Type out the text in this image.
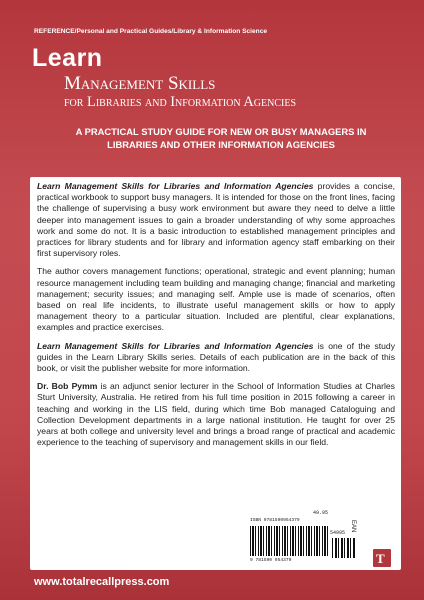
REFERENCE/Personal and Practical Guides/Library & Information Science
Learn
Management Skills
for Libraries and Information Agencies
A PRACTICAL STUDY GUIDE FOR NEW OR BUSY MANAGERS IN LIBRARIES AND OTHER INFORMATION AGENCIES

Learn Management Skills for Libraries and Information Agencies provides a concise, practical workbook to support busy managers. It is intended for those on the front lines, facing the challenge of supervising a busy work environment but aware they need to delve a little deeper into management issues to gain a broader understanding of why some approaches work and some do not. It is a basic introduction to established management principles and practices for library students and for library and information agency staff embarking on their first supervisory roles.

The author covers management functions; operational, strategic and event planning; human resource management including team building and managing change; financial and marketing management; security issues; and managing self. Ample use is made of scenarios, often based on real life incidents, to illustrate useful management skills or how to apply management theory to a particular situation. Included are plentiful, clear explanations, examples and practice exercises.

Learn Management Skills for Libraries and Information Agencies is one of the study guides in the Learn Library Skills series. Details of each publication are in the back of this book, or visit the publisher website for more information.

Dr. Bob Pymm is an adjunct senior lecturer in the School of Information Studies at Charles Sturt University, Australia. He retired from his full time position in 2015 following a career in teaching and working in the LIS field, during which time Bob managed Cataloguing and Collection Development departments in a large national institution. He taught for over 25 years at both college and university level and brings a broad range of practical and academic experience to the teaching of supervisory and management skills in our field.

49.95
ISBN 9781590954379
54995
9 781590 954379
EAN
T
www.totalrecallpress.com
